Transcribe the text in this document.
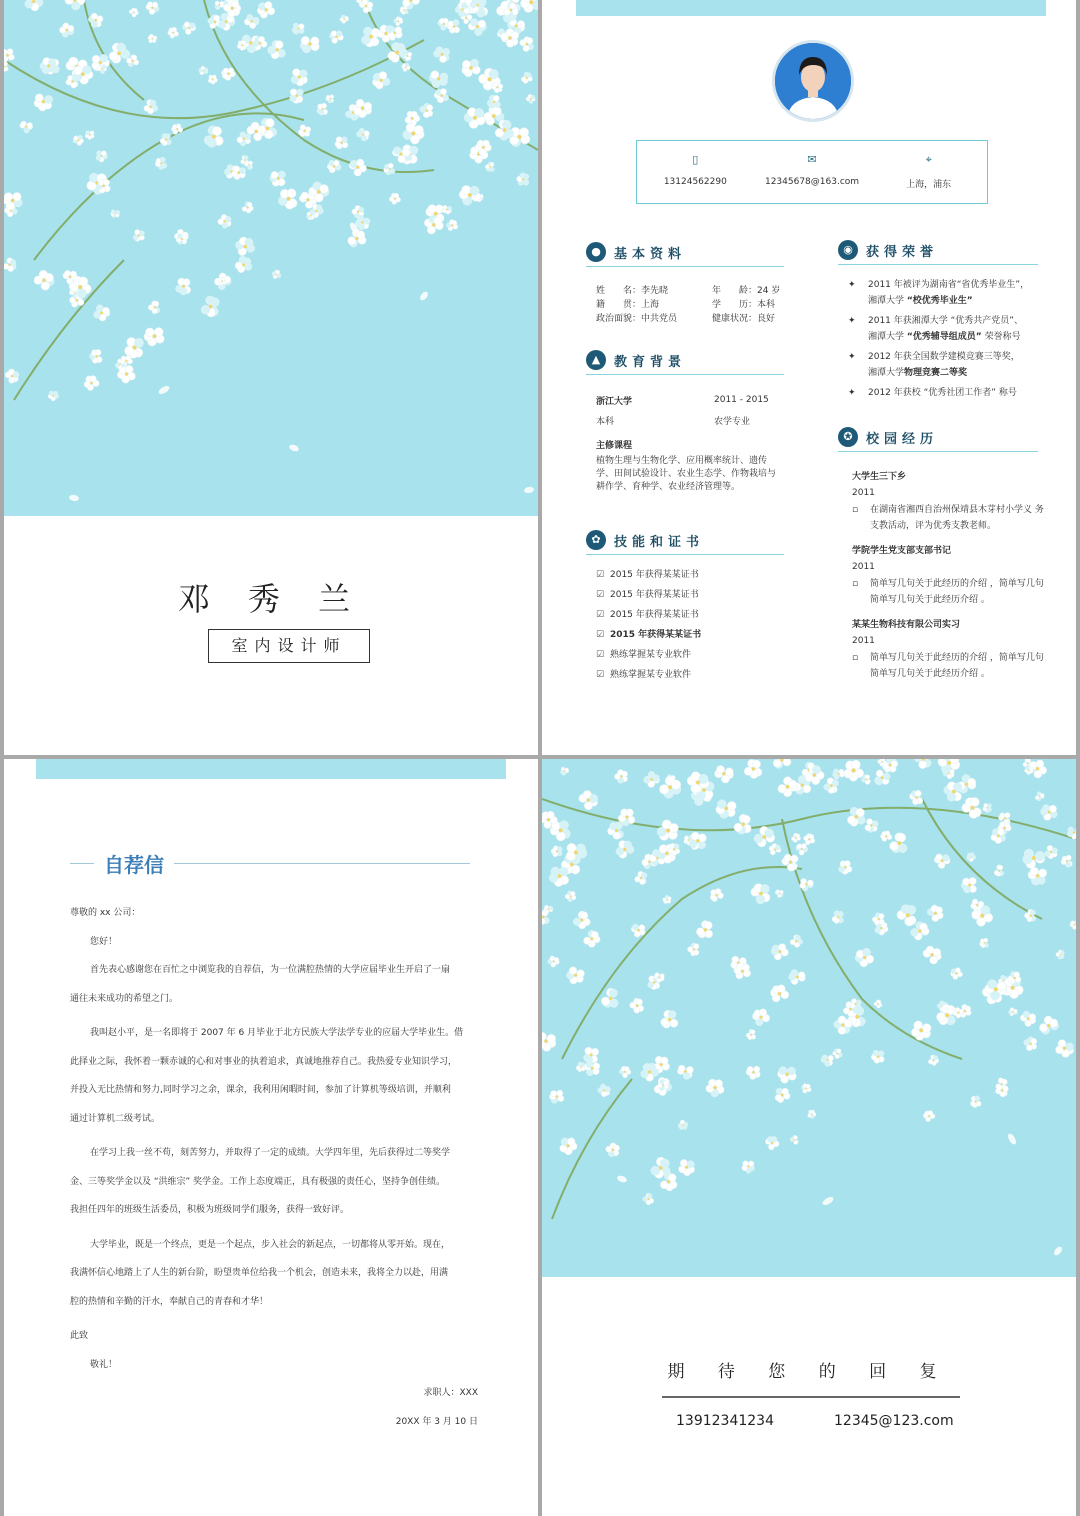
邓 秀 兰
室内设计师
▯
13124562290
✉
12345678@163.com
⌖
上海，浦东
●	基本资料
姓　　名：李先晓	年　　龄：24 岁
籍　　贯：上海	学　　历：本科
政治面貌：中共党员	健康状况：良好
▲	教育背景
浙江大学	2011 - 2015
本科	农学专业
主修课程
植物生理与生物化学、应用概率统计、遗传学、田间试验设计、农业生态学、作物栽培与耕作学、育种学、农业经济管理等。
✿	技能和证书
☑ 2015 年获得某某证书
☑ 2015 年获得某某证书
☑ 2015 年获得某某证书
☑ 2015 年获得某某证书
☑ 熟练掌握某专业软件
☑ 熟练掌握某专业软件
◉	获得荣誉
✦ 2011 年被评为湖南省“省优秀毕业生”，
湘潭大学 “校优秀毕业生”
✦ 2011 年获湘潭大学 “优秀共产党员”、
湘潭大学 “优秀辅导组成员” 荣誉称号
✦ 2012 年获全国数学建模竞赛三等奖，
湘潭大学物理竞赛二等奖
✦ 2012 年获校 “优秀社团工作者” 称号
✪	校园经历
大学生三下乡
2011
▫	在湖南省湘西自治州保靖县木芽村小学义 务支教活动，评为优秀支教老师。
学院学生党支部支部书记
2011
▫	简单写几句关于此经历的介绍 ，简单写几句简单写几句关于此经历介绍 。
某某生物科技有限公司实习
2011
▫	简单写几句关于此经历的介绍 ，简单写几句简单写几句关于此经历介绍 。
自荐信

尊敬的 xx 公司：

您好！

首先表心感谢您在百忙之中浏览我的自荐信，为一位满腔热情的大学应届毕业生开启了一扇

通往未来成功的希望之门。

我叫赵小平，是一名即将于 2007 年 6 月毕业于北方民族大学法学专业的应届大学毕业生。借

此择业之际，我怀着一颗赤诚的心和对事业的执着追求，真诚地推荐自己。我热爱专业知识学习，

并投入无比热情和努力,同时学习之余，课余，我利用闲暇时间，参加了计算机等级培训，并顺利

通过计算机二级考试。

在学习上我一丝不苟，刻苦努力，并取得了一定的成绩。大学四年里，先后获得过二等奖学

金、三等奖学金以及 “洪维宗” 奖学金。工作上态度端正，具有极强的责任心，坚持争创佳绩。

我担任四年的班级生活委员，积极为班级同学们服务，获得一致好评。

大学毕业，既是一个终点，更是一个起点，步入社会的新起点，一切都将从零开始。现在，

我满怀信心地踏上了人生的新台阶，盼望贵单位给我一个机会，创造未来，我将全力以赴，用满

腔的热情和辛勤的汗水，奉献自己的青春和才华！

此致

敬礼！

求职人：XXX

20XX 年 3 月 10 日

期 待 您 的 回 复
13912341234	12345@123.com
